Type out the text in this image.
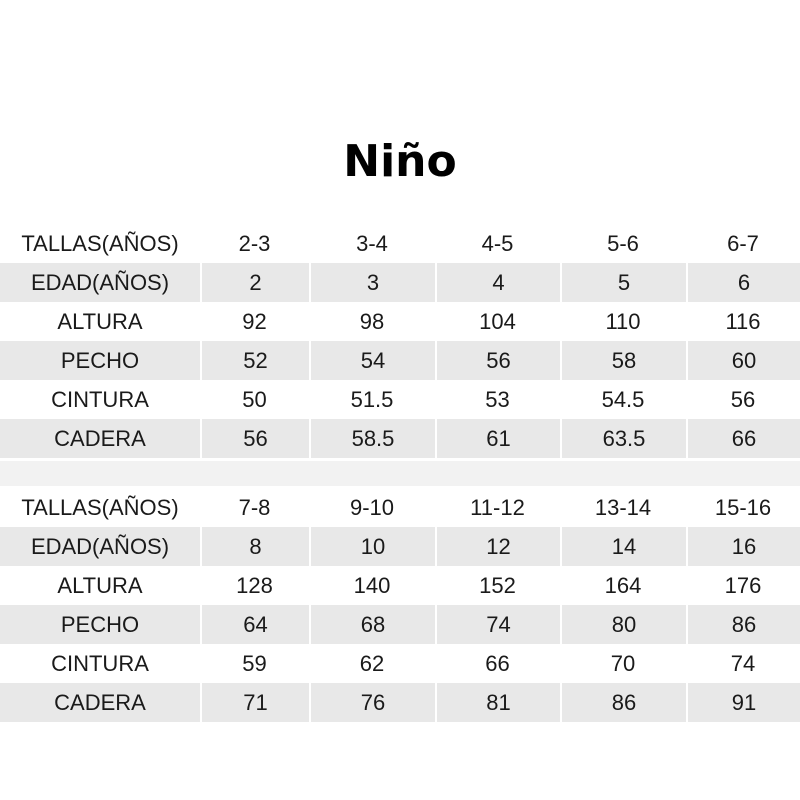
Niño
TALLAS(AÑOS)	2-3	3-4	4-5	5-6	6-7
EDAD(AÑOS)	2	3	4	5	6
ALTURA	92	98	104	110	116
PECHO	52	54	56	58	60
CINTURA	50	51.5	53	54.5	56
CADERA	56	58.5	61	63.5	66
TALLAS(AÑOS)	7-8	9-10	11-12	13-14	15-16
EDAD(AÑOS)	8	10	12	14	16
ALTURA	128	140	152	164	176
PECHO	64	68	74	80	86
CINTURA	59	62	66	70	74
CADERA	71	76	81	86	91
